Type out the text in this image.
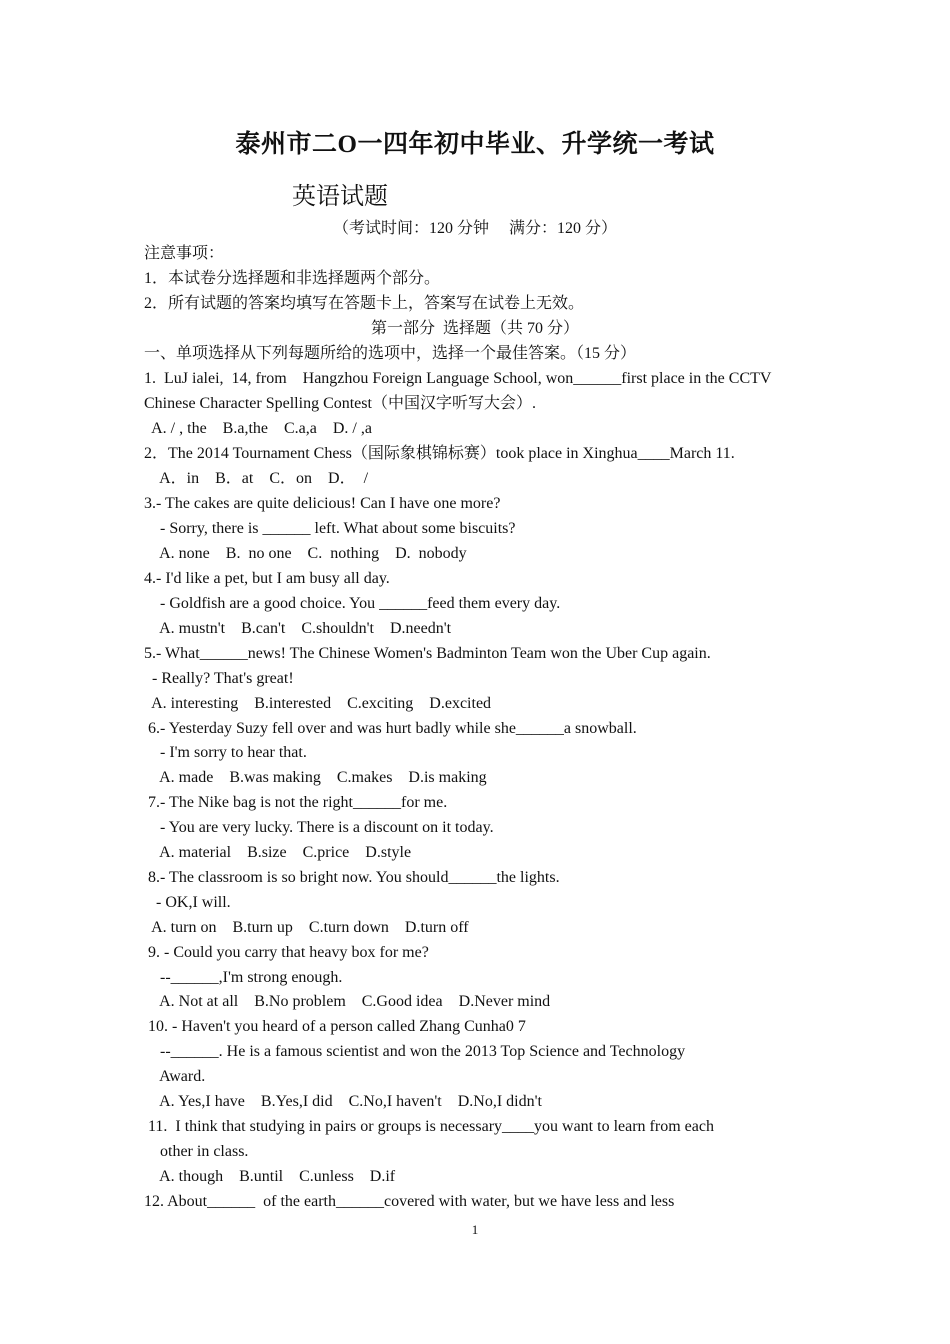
泰州市二O一四年初中毕业、升学统一考试
英语试题
（考试时间：120 分钟　 满分：120 分）
注意事项：
1．本试卷分选择题和非选择题两个部分。
2．所有试题的答案均填写在答题卡上，答案写在试卷上无效。
第一部分  选择题（共 70 分）
一、单项选择从下列每题所给的选项中，选择一个最佳答案。（15 分）
1.  LuJ ialei,  14, from    Hangzhou Foreign Language School, won______first place in the CCTV
Chinese Character Spelling Contest（中国汉字听写大会）.
A. / , the    B.a,the    C.a,a    D. / ,a
2．The 2014 Tournament Chess（国际象棋锦标赛）took place in Xinghua____March 11.
A．in    B．at    C．on    D．  /
3.- The cakes are quite delicious! Can I have one more?
- Sorry, there is ______ left. What about some biscuits?
A. none    B.  no one    C.  nothing    D.  nobody
4.- I'd like a pet, but I am busy all day.
- Goldfish are a good choice. You ______feed them every day.
A. mustn't    B.can't    C.shouldn't    D.needn't
5.- What______news! The Chinese Women's Badminton Team won the Uber Cup again.
- Really? That's great!
A. interesting    B.interested    C.exciting    D.excited
6.- Yesterday Suzy fell over and was hurt badly while she______a snowball.
- I'm sorry to hear that.
A. made    B.was making    C.makes    D.is making
7.- The Nike bag is not the right______for me.
- You are very lucky. There is a discount on it today.
A. material    B.size    C.price    D.style
8.- The classroom is so bright now. You should______the lights.
- OK,I will.
A. turn on    B.turn up    C.turn down    D.turn off
9. - Could you carry that heavy box for me?
--______,I'm strong enough.
A. Not at all    B.No problem    C.Good idea    D.Never mind
10. - Haven't you heard of a person called Zhang Cunha0 7
--______. He is a famous scientist and won the 2013 Top Science and Technology
Award.
A. Yes,I have    B.Yes,I did    C.No,I haven't    D.No,I didn't
11.  I think that studying in pairs or groups is necessary____you want to learn from each
other in class.
A. though    B.until    C.unless    D.if
12. About______  of the earth______covered with water, but we have less and less
1
